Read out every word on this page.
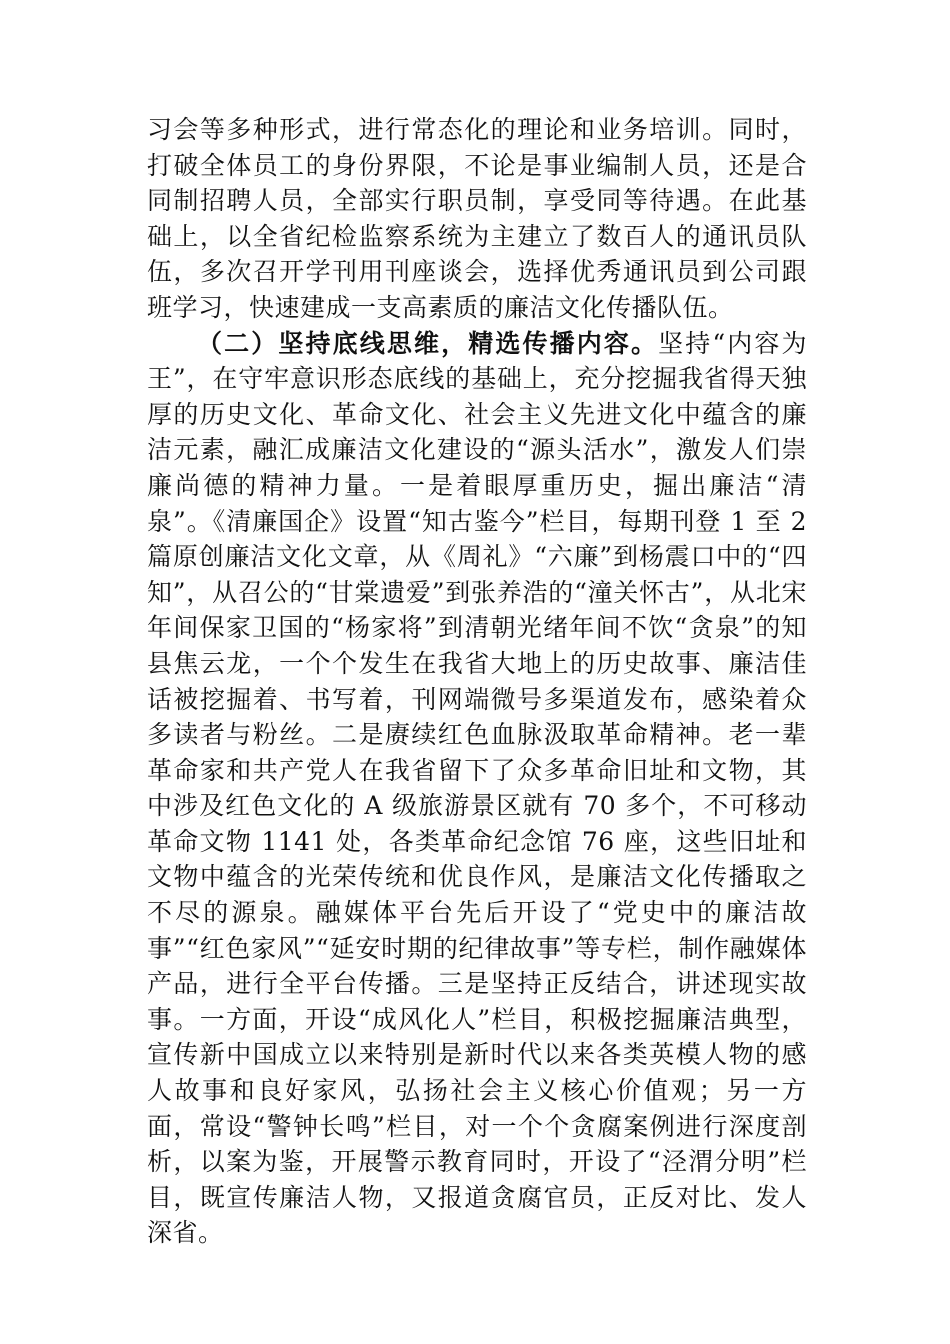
习会等多种形式，进行常态化的理论和业务培训。同时，打破全体员工的身份界限，不论是事业编制人员，还是合同制招聘人员，全部实行职员制，享受同等待遇。在此基础上，以全省纪检监察系统为主建立了数百人的通讯员队伍，多次召开学刊用刊座谈会，选择优秀通讯员到公司跟班学习，快速建成一支高素质的廉洁文化传播队伍。

（二）坚持底线思维，精选传播内容。坚持“内容为王”，在守牢意识形态底线的基础上，充分挖掘我省得天独厚的历史文化、革命文化、社会主义先进文化中蕴含的廉洁元素，融汇成廉洁文化建设的“源头活水”，激发人们崇廉尚德的精神力量。一是着眼厚重历史，掘出廉洁“清泉”。《清廉国企》设置“知古鉴今”栏目，每期刊登 1 至 2 篇原创廉洁文化文章，从《周礼》“六廉”到杨震口中的“四知”，从召公的“甘棠遗爱”到张养浩的“潼关怀古”，从北宋年间保家卫国的“杨家将”到清朝光绪年间不饮“贪泉”的知县焦云龙，一个个发生在我省大地上的历史故事、廉洁佳话被挖掘着、书写着，刊网端微号多渠道发布，感染着众多读者与粉丝。二是赓续红色血脉汲取革命精神。老一辈革命家和共产党人在我省留下了众多革命旧址和文物，其中涉及红色文化的 A 级旅游景区就有 70 多个，不可移动革命文物 1141 处，各类革命纪念馆 76 座，这些旧址和文物中蕴含的光荣传统和优良作风，是廉洁文化传播取之不尽的源泉。融媒体平台先后开设了“党史中的廉洁故事”“红色家风”“延安时期的纪律故事”等专栏，制作融媒体产品，进行全平台传播。三是坚持正反结合，讲述现实故事。一方面，开设“成风化人”栏目，积极挖掘廉洁典型，宣传新中国成立以来特别是新时代以来各类英模人物的感人故事和良好家风，弘扬社会主义核心价值观；另一方面，常设“警钟长鸣”栏目，对一个个贪腐案例进行深度剖析，以案为鉴，开展警示教育同时，开设了“泾渭分明”栏目，既宣传廉洁人物，又报道贪腐官员，正反对比、发人深省。
